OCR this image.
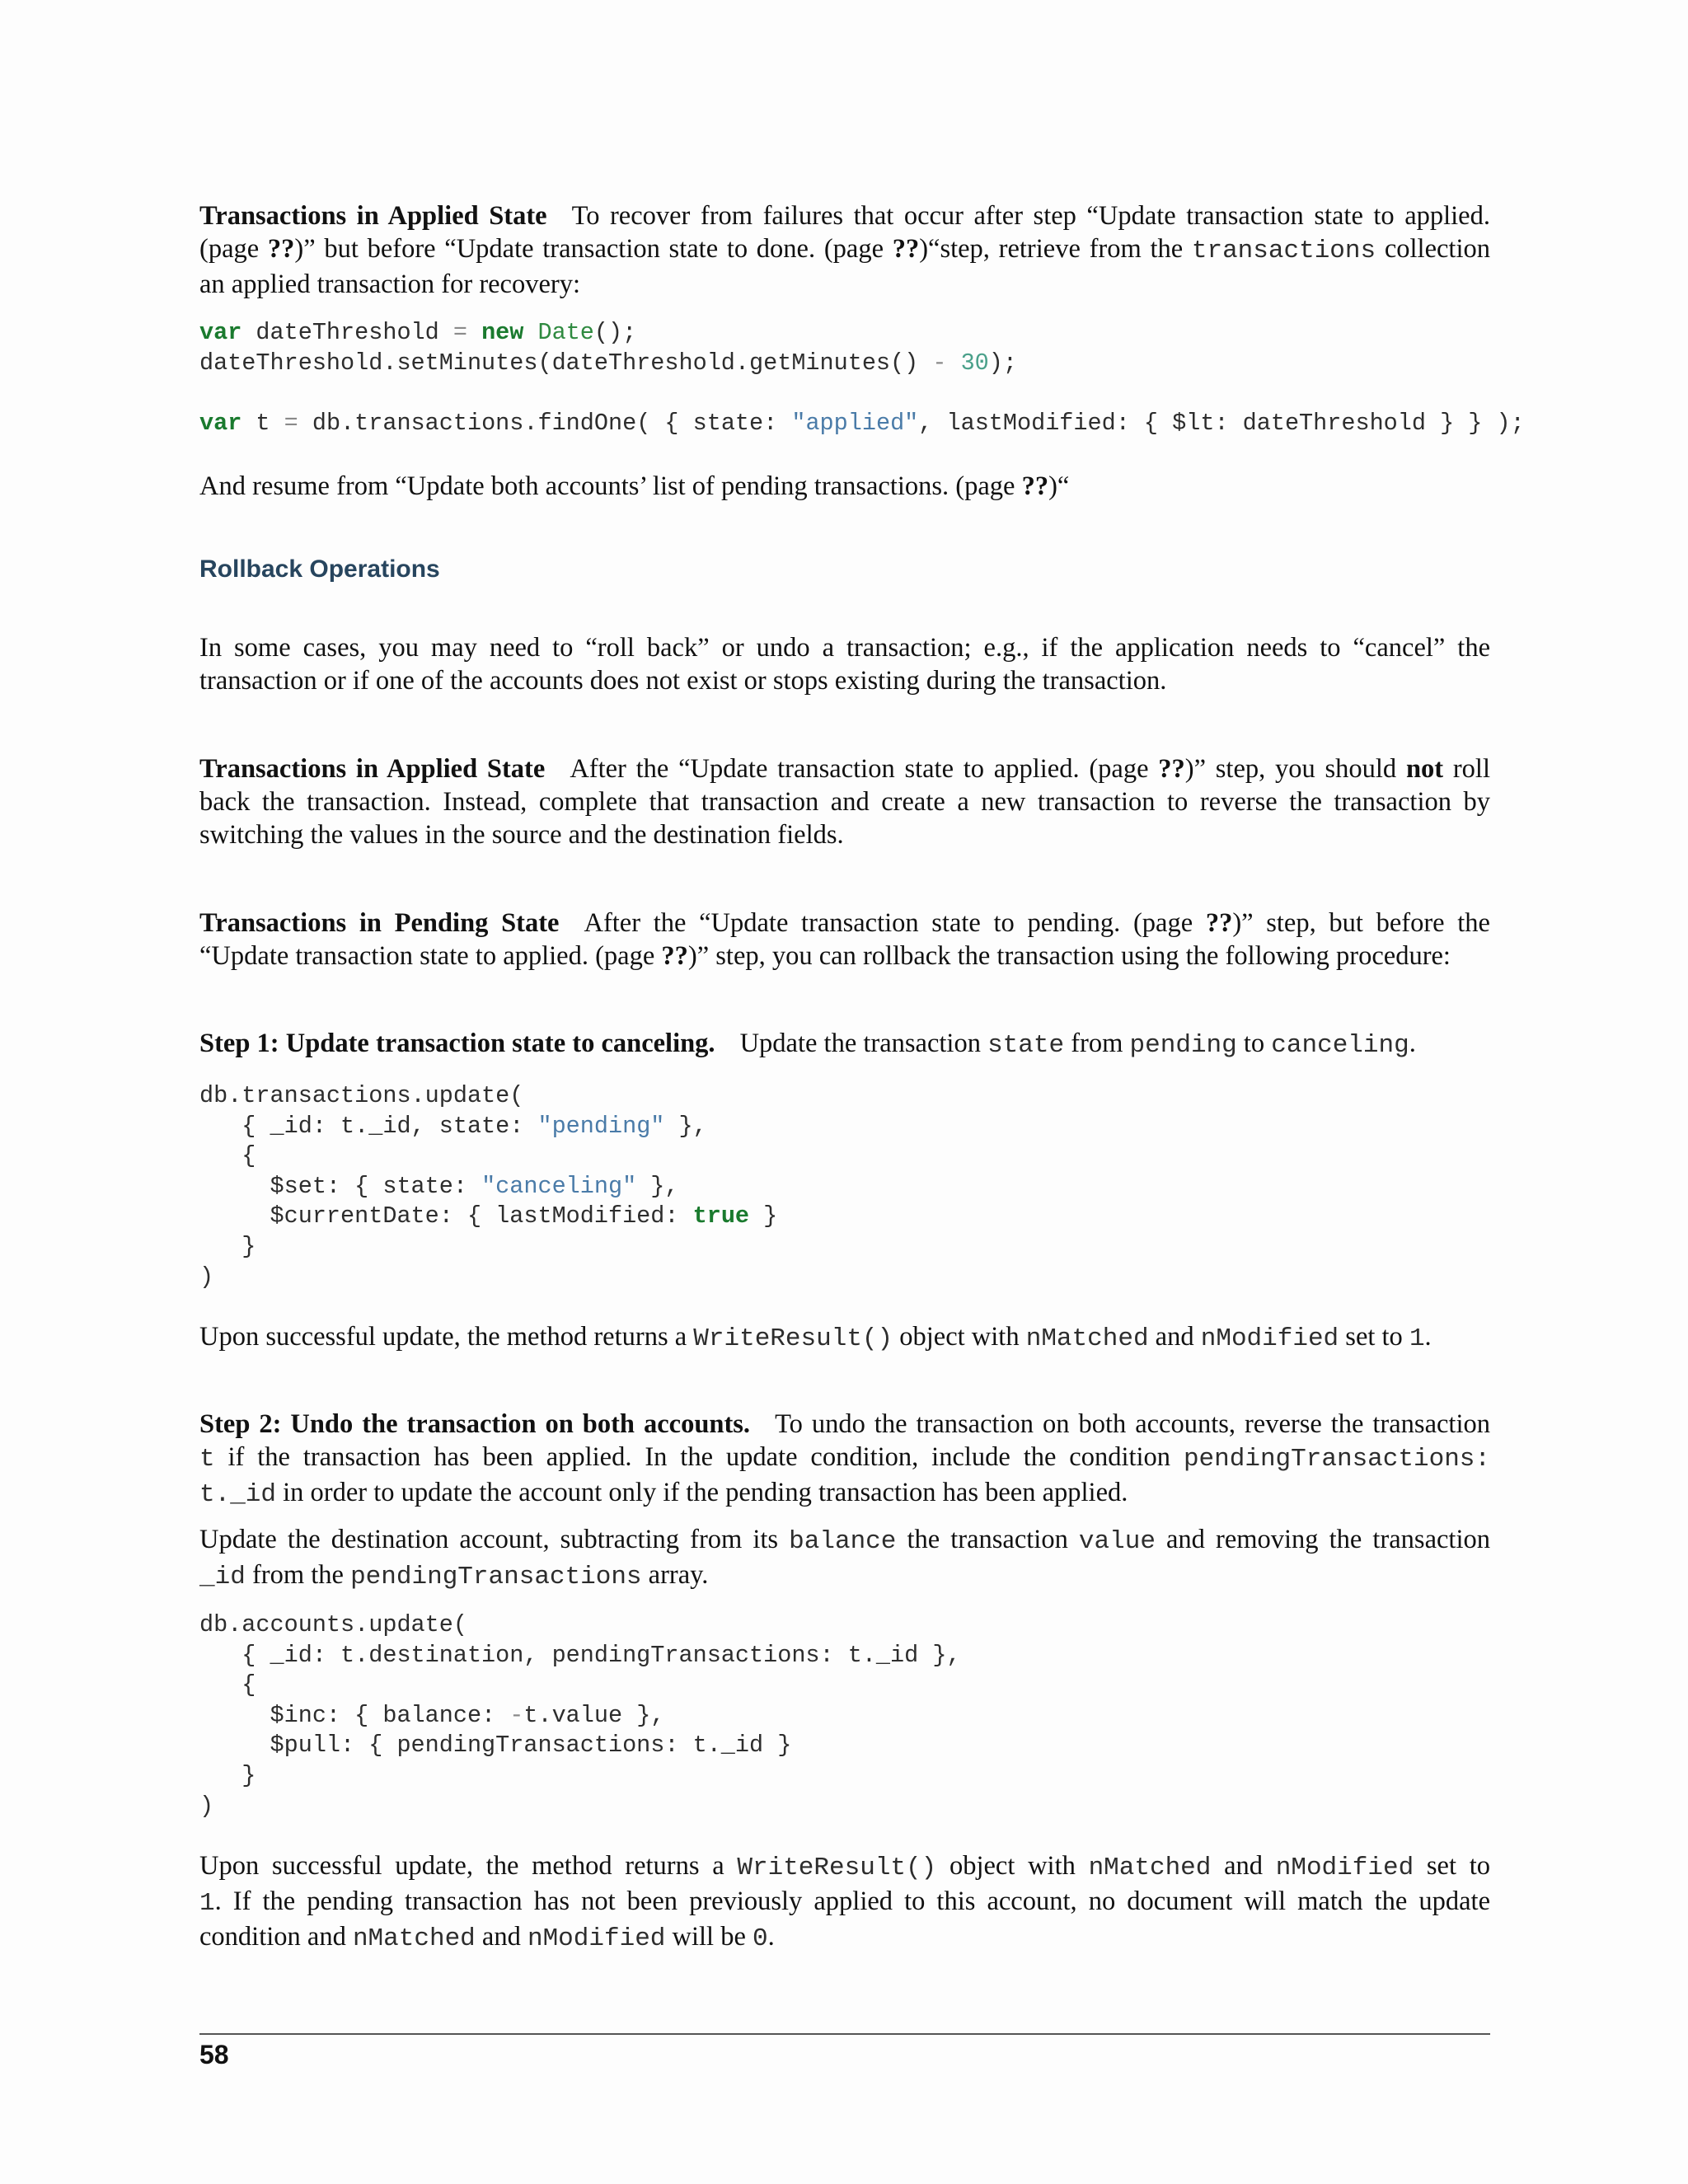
Transactions in Applied State To recover from failures that occur after step “Update transaction state to applied.
(page ??)” but before “Update transaction state to done. (page ??)“step, retrieve from the transactions collection
an applied transaction for recovery:
var dateThreshold = new Date();
dateThreshold.setMinutes(dateThreshold.getMinutes() - 30);

var t = db.transactions.findOne( { state: "applied", lastModified: { $lt: dateThreshold } } );
And resume from “Update both accounts’ list of pending transactions. (page ??)“
Rollback Operations
In some cases, you may need to “roll back” or undo a transaction; e.g., if the application needs to “cancel” the
transaction or if one of the accounts does not exist or stops existing during the transaction.
Transactions in Applied State After the “Update transaction state to applied. (page ??)” step, you should not roll
back the transaction. Instead, complete that transaction and create a new transaction to reverse the transaction by
switching the values in the source and the destination fields.
Transactions in Pending State After the “Update transaction state to pending. (page ??)” step, but before the
“Update transaction state to applied. (page ??)” step, you can rollback the transaction using the following procedure:
Step 1: Update transaction state to canceling. Update the transaction state from pending to canceling.
db.transactions.update(
{ _id: t._id, state: "pending" },
{
$set: { state: "canceling" },
$currentDate: { lastModified: true }
}
)
Upon successful update, the method returns a WriteResult() object with nMatched and nModified set to 1.
Step 2: Undo the transaction on both accounts. To undo the transaction on both accounts, reverse the transaction
t if the transaction has been applied. In the update condition, include the condition pendingTransactions:
t._id in order to update the account only if the pending transaction has been applied.
Update the destination account, subtracting from its balance the transaction value and removing the transaction
_id from the pendingTransactions array.
db.accounts.update(
{ _id: t.destination, pendingTransactions: t._id },
{
$inc: { balance: -t.value },
$pull: { pendingTransactions: t._id }
}
)
Upon successful update, the method returns a WriteResult() object with nMatched and nModified set to
1. If the pending transaction has not been previously applied to this account, no document will match the update
condition and nMatched and nModified will be 0.
58
